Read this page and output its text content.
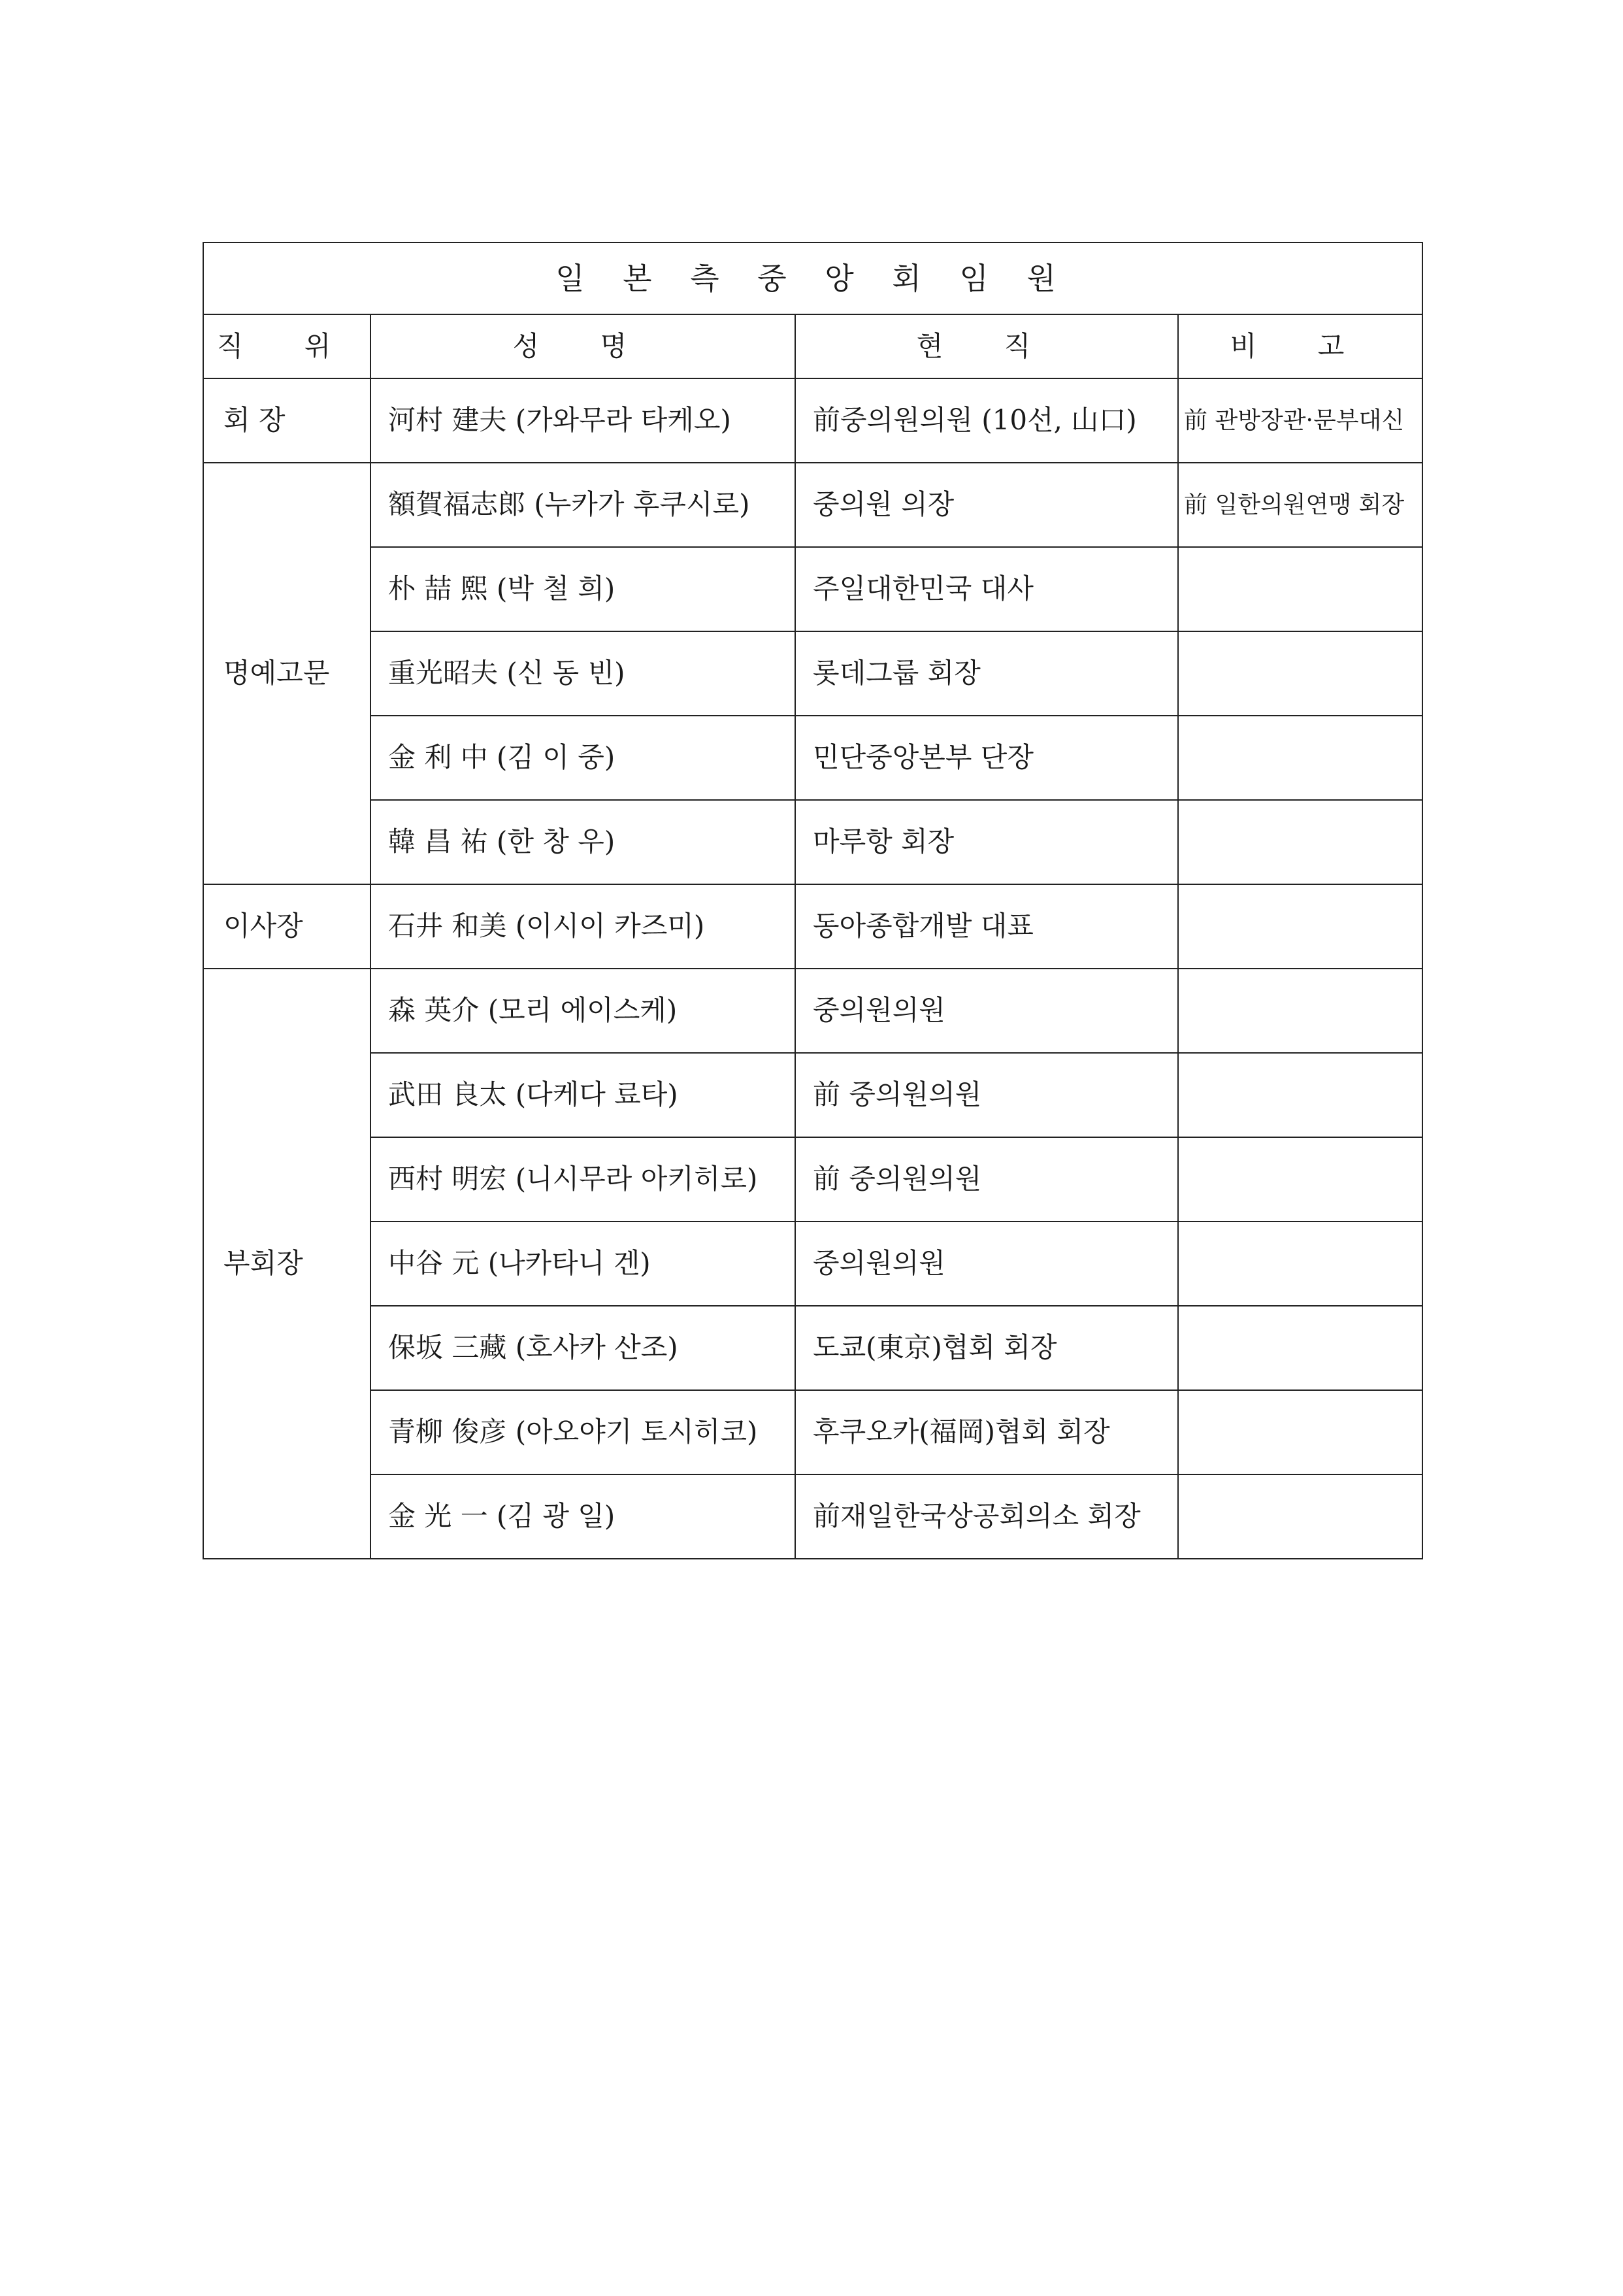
일 본 측 중 앙 회 임 원			
직 위	성 명	현 직	비 고
회 장	河村 建夫 (가와무라 타케오)	前중의원의원 (10선, 山口)	前 관방장관·문부대신
명예고문	額賀福志郎 (누카가 후쿠시로)	중의원 의장	前 일한의원연맹 회장
	朴 喆 熙 (박 철 희)	주일대한민국 대사	
	重光昭夫 (신 동 빈)	롯데그룹 회장	
	金 利 中 (김 이 중)	민단중앙본부 단장	
	韓 昌 祐 (한 창 우)	마루항 회장	
이사장	石井 和美 (이시이 카즈미)	동아종합개발 대표	
부회장	森 英介 (모리 에이스케)	중의원의원	
	武田 良太 (다케다 료타)	前 중의원의원	
	西村 明宏 (니시무라 아키히로)	前 중의원의원	
	中谷 元 (나카타니 겐)	중의원의원	
	保坂 三藏 (호사카 산조)	도쿄(東京)협회 회장	
	青柳 俊彦 (아오야기 토시히코)	후쿠오카(福岡)협회 회장	
	金 光 一 (김 광 일)	前재일한국상공회의소 회장	
